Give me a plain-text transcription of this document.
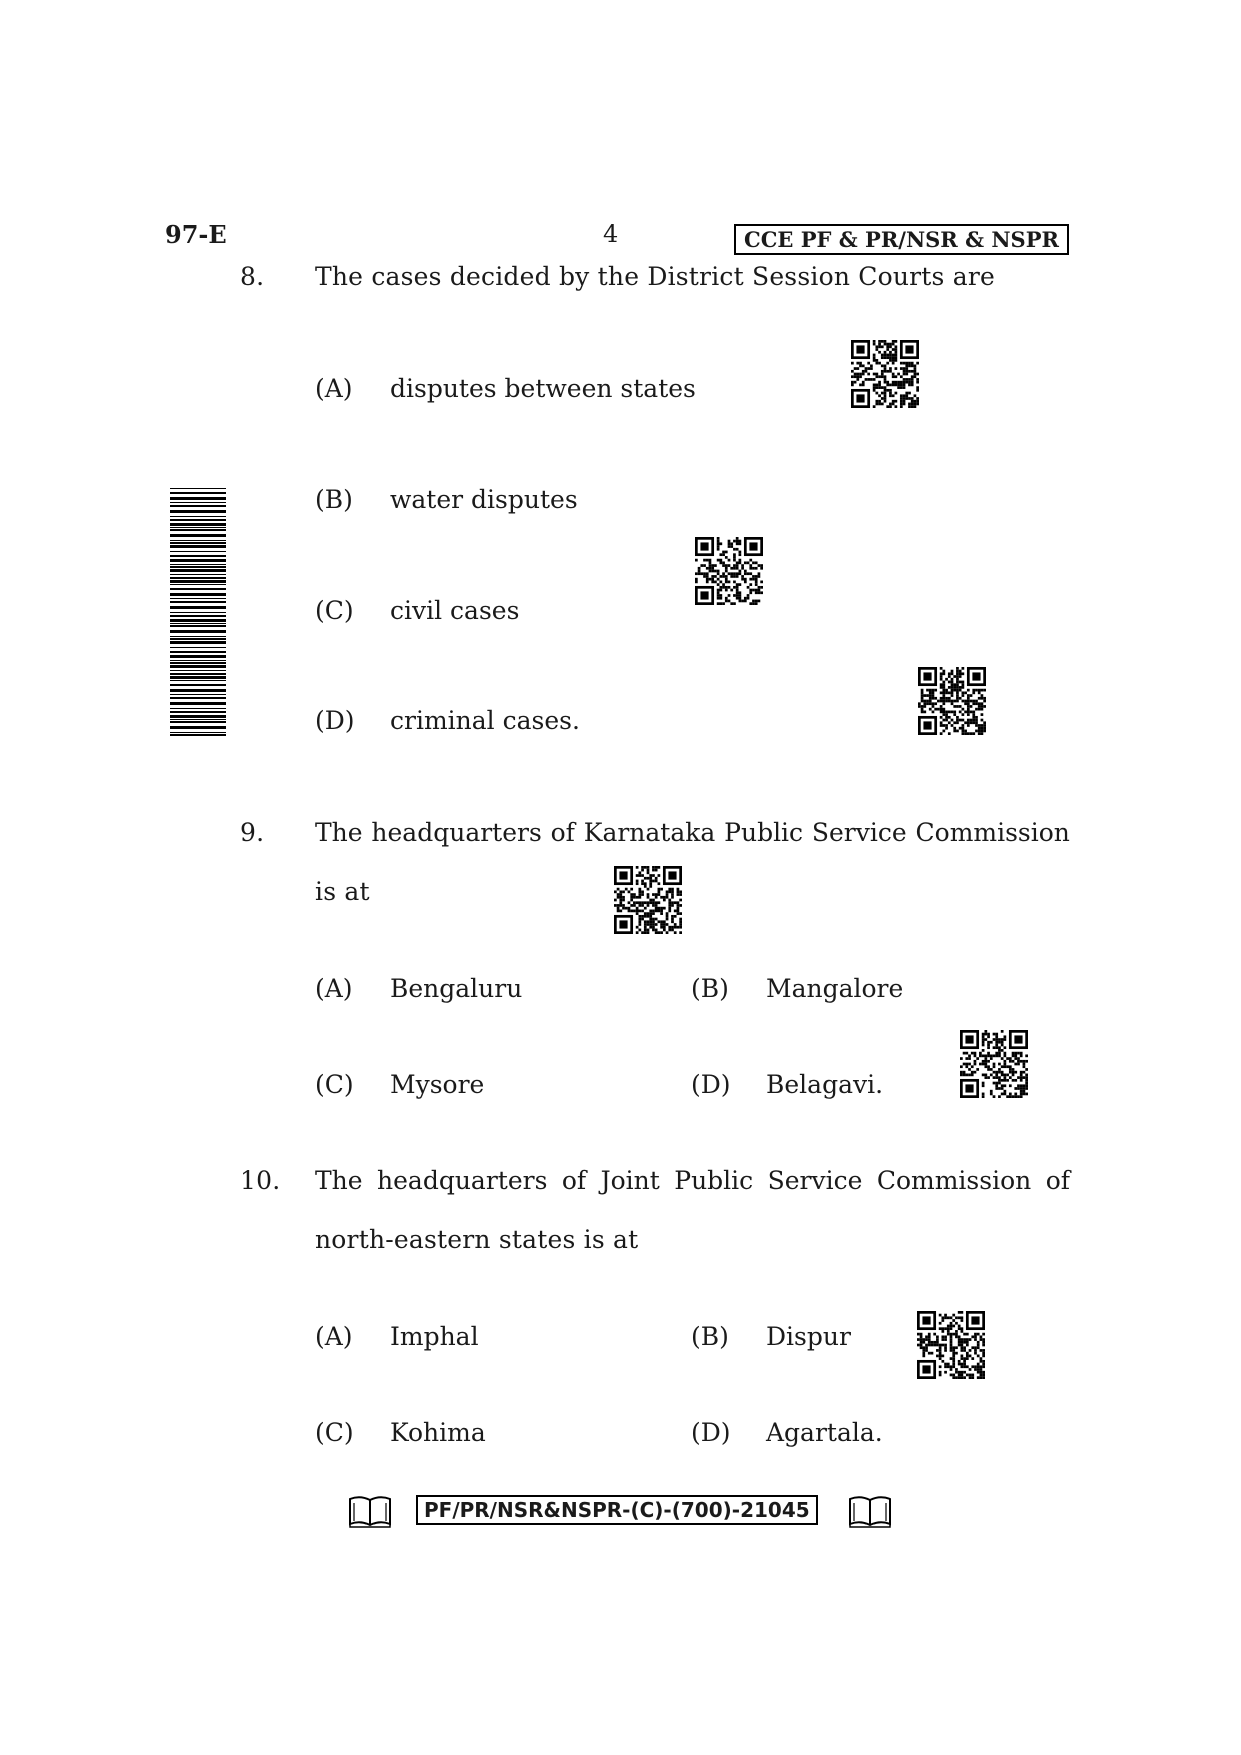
97-E	4	CCE PF & PR/NSR & NSPR
8. The cases decided by the District Session Courts are
(A) disputes between states
(B) water disputes
(C) civil cases
(D) criminal cases.
9. The headquarters of Karnataka Public Service Commission
is at
(A) Bengaluru	(B) Mangalore
(C) Mysore	(D) Belagavi.
10. The headquarters of Joint Public Service Commission of
north-eastern states is at
(A) Imphal	(B) Dispur
(C) Kohima	(D) Agartala.
PF/PR/NSR&NSPR-(C)-(700)-21045
